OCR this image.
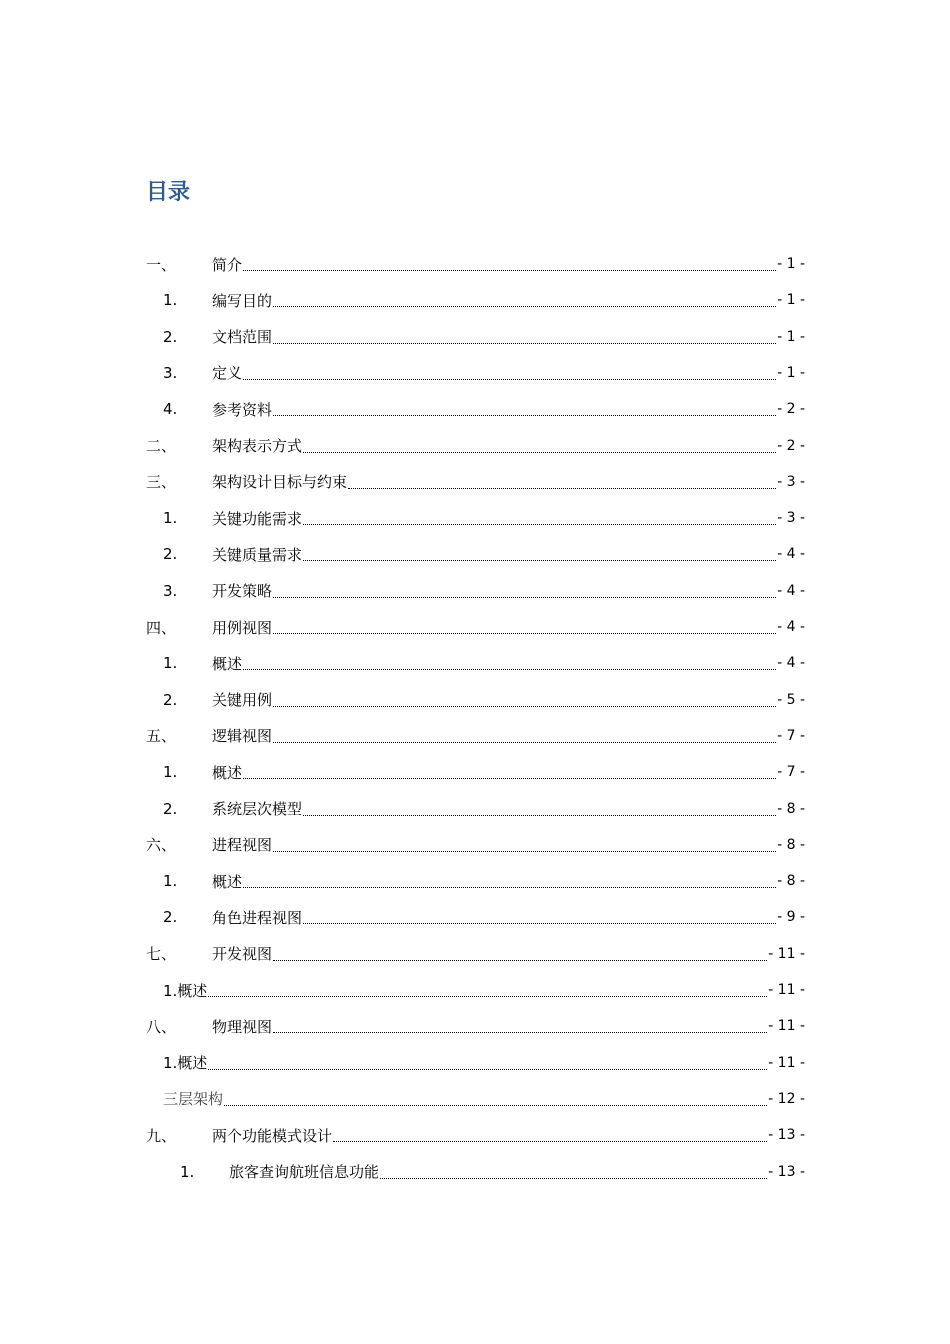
目录
一、	简介	- 1 -
1.	编写目的	- 1 -
2.	文档范围	- 1 -
3.	定义	- 1 -
4.	参考资料	- 2 -
二、	架构表示方式	- 2 -
三、	架构设计目标与约束	- 3 -
1.	关键功能需求	- 3 -
2.	关键质量需求	- 4 -
3.	开发策略	- 4 -
四、	用例视图	- 4 -
1.	概述	- 4 -
2.	关键用例	- 5 -
五、	逻辑视图	- 7 -
1.	概述	- 7 -
2.	系统层次模型	- 8 -
六、	进程视图	- 8 -
1.	概述	- 8 -
2.	角色进程视图	- 9 -
七、	开发视图	- 11 -
1.概述	- 11 -
八、	物理视图	- 11 -
1.概述	- 11 -
三层架构	- 12 -
九、	两个功能模式设计	- 13 -
1.	旅客查询航班信息功能	- 13 -
